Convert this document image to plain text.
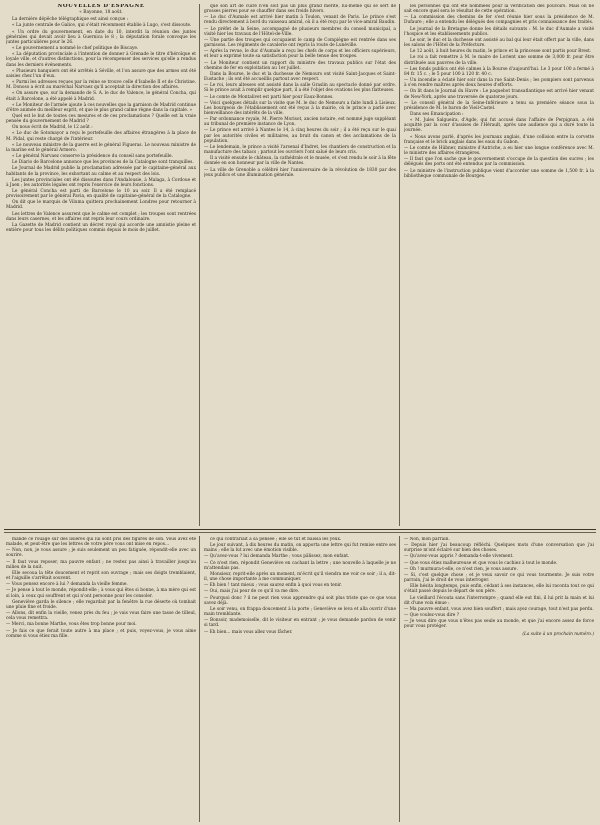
NOUVELLES D'ESPAGNE
« Bayonne, 18 août.

La dernière dépêche télégraphique est ainsi conçue :

« La junte centrale de Galice, qui s'était récemment établie à Lugo, s'est dissoute.

« Un ordre du gouvernement, en date du 10, interdit la réunion des juntes générales qui devait avoir lieu à Guernica le 8 ; la députation forale convoque les juntes particulières pour le 26.

« Le gouvernement a nommé le chef politique de Biscaye.

« La députation provinciale a l'intention de donner à Grenade le titre d'héroïque et loyale ville, et d'autres distinctions, pour la récompenser des services qu'elle a rendus dans les derniers événements.

« Plusieurs banquiers ont été arrêtés à Séville, et l'on assure que des armes ont été saisies chez l'un d'eux.

« Parmi les adresses reçues par la reine se trouve celle d'Isabelle II et de Christine. M. Donoso a écrit au maréchal Narvaez qu'il acceptait la direction des affaires.

« On assure que, sur la demande de S. A. le duc de Valence, le général Concha, qui était à Barcelone, a été appelé à Madrid.

« Le Moniteur de l'armée ajoute à ces nouvelles que la garnison de Madrid continue d'être animée du meilleur esprit, et que le plus grand calme règne dans la capitale. »

Quel est le but de toutes ces mesures et de ces proclamations ? Quelle est la vraie pensée du gouvernement de Madrid ?

On nous écrit de Madrid, le 12 août :

« Le duc de Sotomayor a reçu le portefeuille des affaires étrangères à la place de M. Pidal, qui reste chargé de l'intérieur.

« Le nouveau ministre de la guerre est le général Figueras. Le nouveau ministre de la marine est le général Armero.

« Le général Narvaez conserve la présidence du conseil sans portefeuille.

Le Diario de Barcelone annonce que les provinces de la Catalogne sont tranquilles.

Le Journal de Madrid publie la proclamation adressée par le capitaine-général aux habitants de la province, les exhortant au calme et au respect des lois.

Les juntes provinciales ont été dissoutes dans l'Andalousie, à Malaga, à Cordoue et à Jaen ; les autorités légales ont repris l'exercice de leurs fonctions.

Le général Concha est parti de Barcelone le 10 au soir. Il a été remplacé provisoirement par le général Pavia, en qualité de capitaine-général de la Catalogne.

On dit que le marquis de Viluma quittera prochainement Londres pour retourner à Madrid.

Les lettres de Valence assurent que le calme est complet ; les troupes sont rentrées dans leurs casernes, et les affaires ont repris leur cours ordinaire.

La Gazette de Madrid contient un décret royal qui accorde une amnistie pleine et entière pour tous les délits politiques commis depuis le mois de juillet.

que son art de cuire n'en soit pas un plus grand mérite, lui-même qui se sert de grosses pierres pour se chauffer dans ses froids hivers.

— Le duc d'Aumale est arrivé hier matin à Toulon, venant de Paris. Le prince s'est rendu directement à bord du vaisseau amiral, où il a été reçu par le vice-amiral Baudin.

— Le préfet de la Seine, accompagné de plusieurs membres du conseil municipal, a visité hier les travaux de l'Hôtel-de-Ville.

— Une partie des troupes qui occupaient le camp de Compiègne est rentrée dans ses garnisons. Les régiments de cavalerie ont repris la route de Lunéville.

— Après la revue, le duc d'Aumale a reçu les chefs de corps et les officiers supérieurs, et leur a exprimé toute sa satisfaction pour la belle tenue des troupes.

— Le Moniteur contient un rapport du ministre des travaux publics sur l'état des chemins de fer en exploitation au 1er juillet.

Dans la Bourse, le duc et la duchesse de Nemours ont visité Saint-Jacques et Saint-Eustache ; ils ont été accueillis partout avec respect.

— Le roi, leurs altesses ont assisté dans la salle Graslin au spectacle donné par ordre. Si le prince avait à remplir quelque part, il a été l'objet des ovations les plus flatteuses.

— Le comte de Montalivet est parti hier pour Eaux-Bonnes.

— Voici quelques détails sur la visite que M. le duc de Nemours a faite lundi à Lisieux. Les bourgeois de l'établissement ont été reçus à la mairie, où le prince a parlé avec bienveillance des intérêts de la ville.

— Par ordonnance royale, M. Pierre Morisot, ancien notaire, est nommé juge suppléant au tribunal de première instance de Lyon.

— Le prince est arrivé à Nantes le 14, à cinq heures du soir ; il a été reçu sur le quai par les autorités civiles et militaires, au bruit du canon et des acclamations de la population.

— Le lendemain, le prince a visité l'arsenal d'Indret, les chantiers de construction et la manufacture des tabacs ; partout les ouvriers l'ont salué de leurs cris.

Il a visité ensuite le château, la cathédrale et le musée, et s'est rendu le soir à la fête donnée en son honneur par la ville de Nantes.

— La ville de Grenoble a célébré hier l'anniversaire de la révolution de 1830 par des jeux publics et une illumination générale.

les personnes qui ont été nommées pour la vérification des pouvoirs. Mais on ne sait encore quel sera le résultat de cette opération.

— La commission des chemins de fer s'est réunie hier sous la présidence de M. Dufaure ; elle a entendu les délégués des compagnies et pris connaissance des traités.

Le journal de la Bretagne donne les détails suivants : M. le duc d'Aumale a visité l'hospice et les établissements publics.

Le soir, le duc et la duchesse ont assisté au bal qui leur était offert par la ville, dans les salons de l'Hôtel de la Préfecture.

Le 12 août, à huit heures du matin, le prince et la princesse sont partis pour Brest.

Le roi a fait remettre à M. le maire de Lorient une somme de 3,000 fr. pour être distribuée aux pauvres de la ville.

— Les fonds publics ont été calmes à la Bourse d'aujourd'hui. Le 3 pour 100 a fermé à 84 fr. 15 c. ; le 5 pour 100 à 120 fr. 40 c.

— Un incendie a éclaté hier soir dans la rue Saint-Denis ; les pompiers sont parvenus à s'en rendre maîtres après deux heures d'efforts.

— On lit dans le Journal du Havre : Le paquebot transatlantique est arrivé hier venant de New-York, après une traversée de quatorze jours.

— Le conseil général de la Seine-Inférieure a tenu sa première séance sous la présidence de M. le baron de Vieil-Castel.

Dans ses Emancipation :

« M. Jules Salgueira, d'Agde, qui fut accusé dans l'affaire de Perpignan, a été acquitté par la cour d'assises de l'Hérault, après une audience qui a duré toute la journée.

« Nous avons parlé, d'après les journaux anglais, d'une collision entre la corvette française et le brick anglais dans les eaux du Gabon.

— Le comte de Hübner, ministre d'Autriche, a eu hier une longue conférence avec M. le ministre des affaires étrangères.

— Il faut que l'on sache que le gouvernement s'occupe de la question des sucres ; les délégués des ports ont été entendus par la commission.

— Le ministre de l'instruction publique vient d'accorder une somme de 1,500 fr. à la bibliothèque communale de Bourges.

mande ce rouage sur des lisières qui lui sont pris des figures de son. Vous avez été malade, et peut-être que les lettres de votre père vous ont mise en repos...

— Non, non, je vous assure ; je suis seulement un peu fatiguée, répondit-elle avec un sourire.

— Il faut vous reposer, ma pauvre enfant ; ne restez pas ainsi à travailler jusqu'au milieu de la nuit.

Elle secoua la tête doucement et reprit son ouvrage ; mais ses doigts tremblaient, et l'aiguille s'arrêtait souvent.

— Vous pensez encore à lui ? demanda la vieille femme.

— Je pense à tout le monde, répondit-elle ; à vous qui êtes si bonne, à ma mère qui est si loin, à ceux qui souffrent et qui n'ont personne pour les consoler.

Geneviève garda le silence ; elle regardait par la fenêtre la rue déserte où tombait une pluie fine et froide.

— Allons, dit enfin la vieille, venez près du feu ; je vais vous faire une tasse de tilleul, cela vous remettra.

— Merci, ma bonne Marthe, vous êtes trop bonne pour moi.

— Je fais ce que ferait toute autre à ma place ; et puis, voyez-vous, je vous aime comme si vous étiez ma fille.

ce qui contrariait à sa pensée ; elle se tut et baissa les yeux.

Le jour suivant, à dix heures du matin, on apporta une lettre qui fut remise entre ses mains ; elle la lut avec une émotion visible.

— Qu'avez-vous ? lui demanda Marthe ; vous pâlissez, mon enfant.

— Ce n'est rien, répondit Geneviève en cachant la lettre ; une nouvelle à laquelle je ne m'attendais pas.

Monsieur, reprit-elle après un moment, m'écrit qu'il viendra me voir ce soir ; il a, dit-il, une chose importante à me communiquer.

— Eh bien ! tant mieux ; vous saurez enfin à quoi vous en tenir.

— Oui, mais j'ai peur de ce qu'il va me dire.

— Pourquoi donc ? il ne peut rien vous apprendre qui soit plus triste que ce que vous savez déjà.

Le soir venu, on frappa doucement à la porte ; Geneviève se leva et alla ouvrir d'une main tremblante.

— Bonsoir, mademoiselle, dit le visiteur en entrant ; je vous demande pardon de venir si tard.

— Eh bien... mais vous allez vous fâcher.

— Non, mon parrain.

— Depuis hier j'ai beaucoup réfléchi. Quelques mots d'une conversation que j'ai surprise m'ont éclairé sur bien des choses.

— Qu'avez-vous appris ? demanda-t-elle vivement.

— Que vous étiez malheureuse et que vous le cachiez à tout le monde.

— Oh ! murmura-t-elle, ce n'est rien, je vous assure.

— Si, c'est quelque chose ; et je veux savoir ce qui vous tourmente. Je suis votre parrain, j'ai le droit de vous interroger.

Elle hésita longtemps, puis enfin, cédant à ses instances, elle lui raconta tout ce qui s'était passé depuis le départ de son père.

Le vieillard l'écouta sans l'interrompre ; quand elle eut fini, il lui prit la main et lui dit d'une voix émue :

— Ma pauvre enfant, vous avez bien souffert ; mais ayez courage, tout n'est pas perdu.

— Que voulez-vous dire ?

— Je veux dire que vous n'êtes pas seule au monde, et que j'ai encore assez de force pour vous protéger.

(La suite à un prochain numéro.)
